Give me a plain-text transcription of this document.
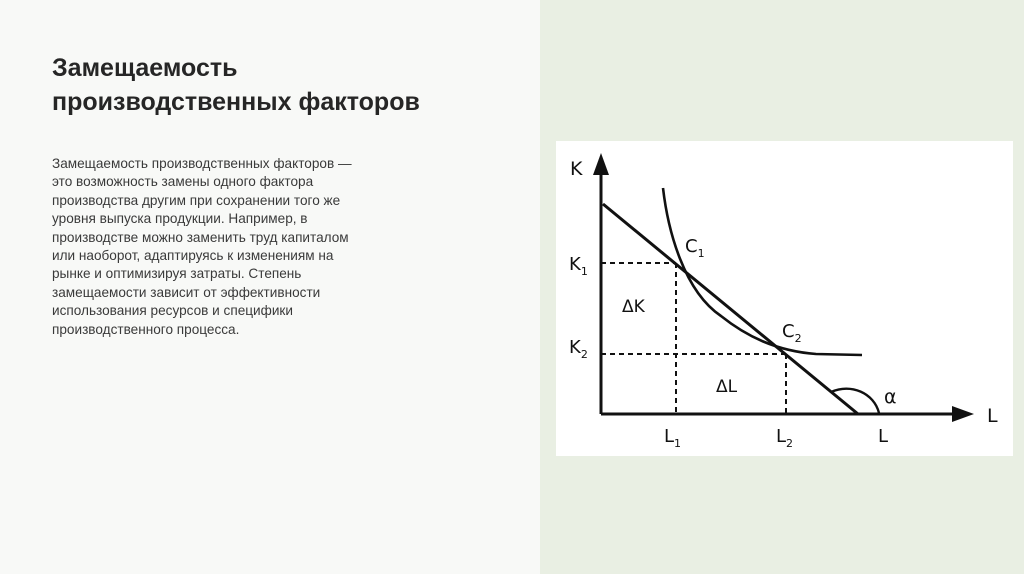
Замещаемость
производственных факторов

Замещаемость производственных факторов —
это возможность замены одного фактора
производства другим при сохранении того же
уровня выпуска продукции. Например, в
производстве можно заменить труд капиталом
или наоборот, адаптируясь к изменениям на
рынке и оптимизируя затраты. Степень
замещаемости зависит от эффективности
использования ресурсов и специфики
производственного процесса.

K
L
$K_1$
$K_2$
$L_1$	$L_2$	L
$C_1$
$C_2$
ΔK
ΔL	α
